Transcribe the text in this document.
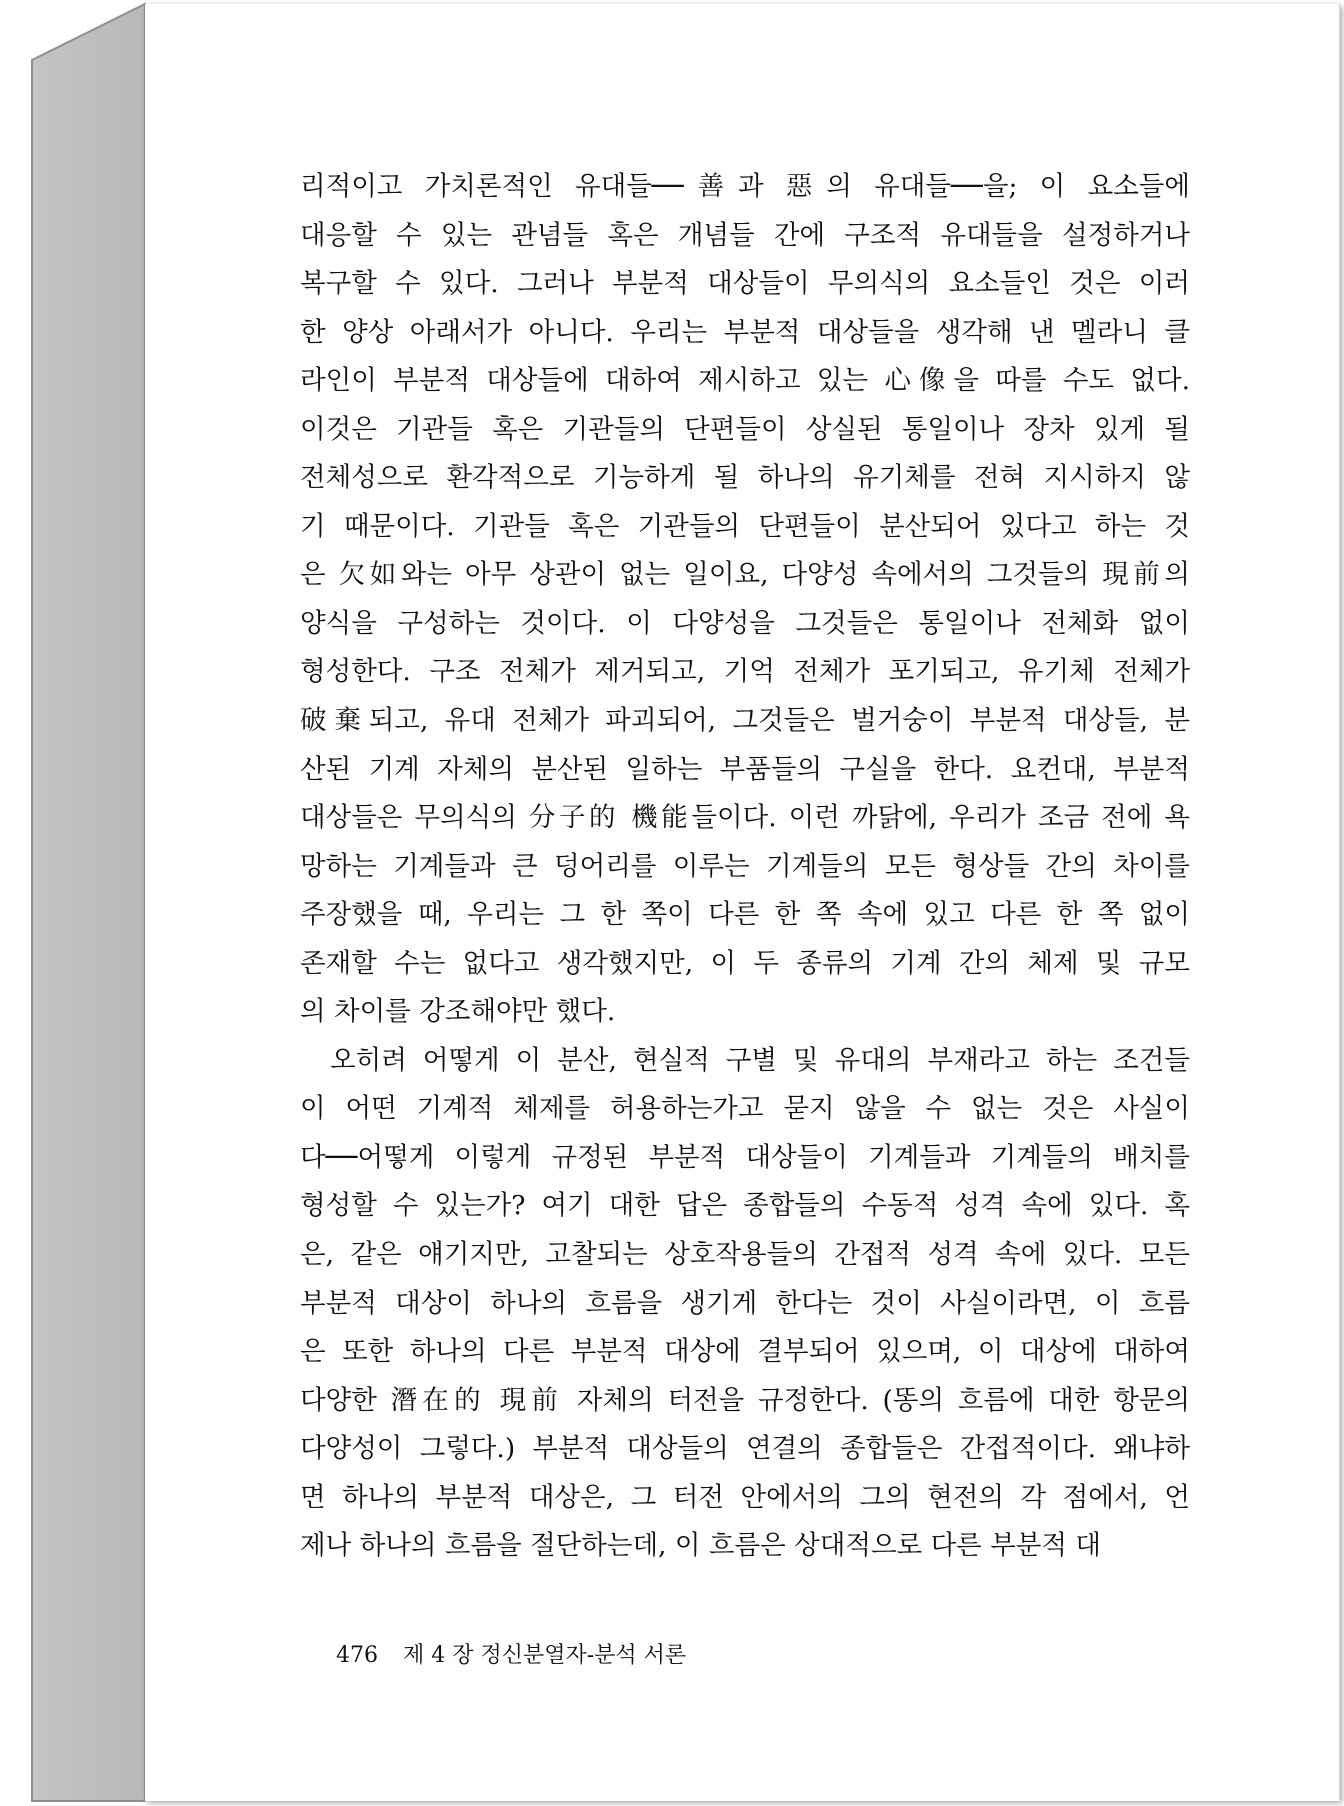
리적이고 가치론적인 유대들──善과 惡의 유대들──을; 이 요소들에
대응할 수 있는 관념들 혹은 개념들 간에 구조적 유대들을 설정하거나
복구할 수 있다. 그러나 부분적 대상들이 무의식의 요소들인 것은 이러
한 양상 아래서가 아니다. 우리는 부분적 대상들을 생각해 낸 멜라니 클
라인이 부분적 대상들에 대하여 제시하고 있는 心像을 따를 수도 없다.
이것은 기관들 혹은 기관들의 단편들이 상실된 통일이나 장차 있게 될
전체성으로 환각적으로 기능하게 될 하나의 유기체를 전혀 지시하지 않
기 때문이다. 기관들 혹은 기관들의 단편들이 분산되어 있다고 하는 것
은 欠如와는 아무 상관이 없는 일이요, 다양성 속에서의 그것들의 現前의
양식을 구성하는 것이다. 이 다양성을 그것들은 통일이나 전체화 없이
형성한다. 구조 전체가 제거되고, 기억 전체가 포기되고, 유기체 전체가
破棄되고, 유대 전체가 파괴되어, 그것들은 벌거숭이 부분적 대상들, 분
산된 기계 자체의 분산된 일하는 부품들의 구실을 한다. 요컨대, 부분적
대상들은 무의식의 分子的 機能들이다. 이런 까닭에, 우리가 조금 전에 욕
망하는 기계들과 큰 덩어리를 이루는 기계들의 모든 형상들 간의 차이를
주장했을 때, 우리는 그 한 쪽이 다른 한 쪽 속에 있고 다른 한 쪽 없이
존재할 수는 없다고 생각했지만, 이 두 종류의 기계 간의 체제 및 규모
의 차이를 강조해야만 했다.
오히려 어떻게 이 분산, 현실적 구별 및 유대의 부재라고 하는 조건들
이 어떤 기계적 체제를 허용하는가고 묻지 않을 수 없는 것은 사실이
다──어떻게 이렇게 규정된 부분적 대상들이 기계들과 기계들의 배치를
형성할 수 있는가? 여기 대한 답은 종합들의 수동적 성격 속에 있다. 혹
은, 같은 얘기지만, 고찰되는 상호작용들의 간접적 성격 속에 있다. 모든
부분적 대상이 하나의 흐름을 생기게 한다는 것이 사실이라면, 이 흐름
은 또한 하나의 다른 부분적 대상에 결부되어 있으며, 이 대상에 대하여
다양한 潛在的 現前 자체의 터전을 규정한다. (똥의 흐름에 대한 항문의
다양성이 그렇다.) 부분적 대상들의 연결의 종합들은 간접적이다. 왜냐하
면 하나의 부분적 대상은, 그 터전 안에서의 그의 현전의 각 점에서, 언
제나 하나의 흐름을 절단하는데, 이 흐름은 상대적으로 다른 부분적 대
476 제 4 장 정신분열자-분석 서론
